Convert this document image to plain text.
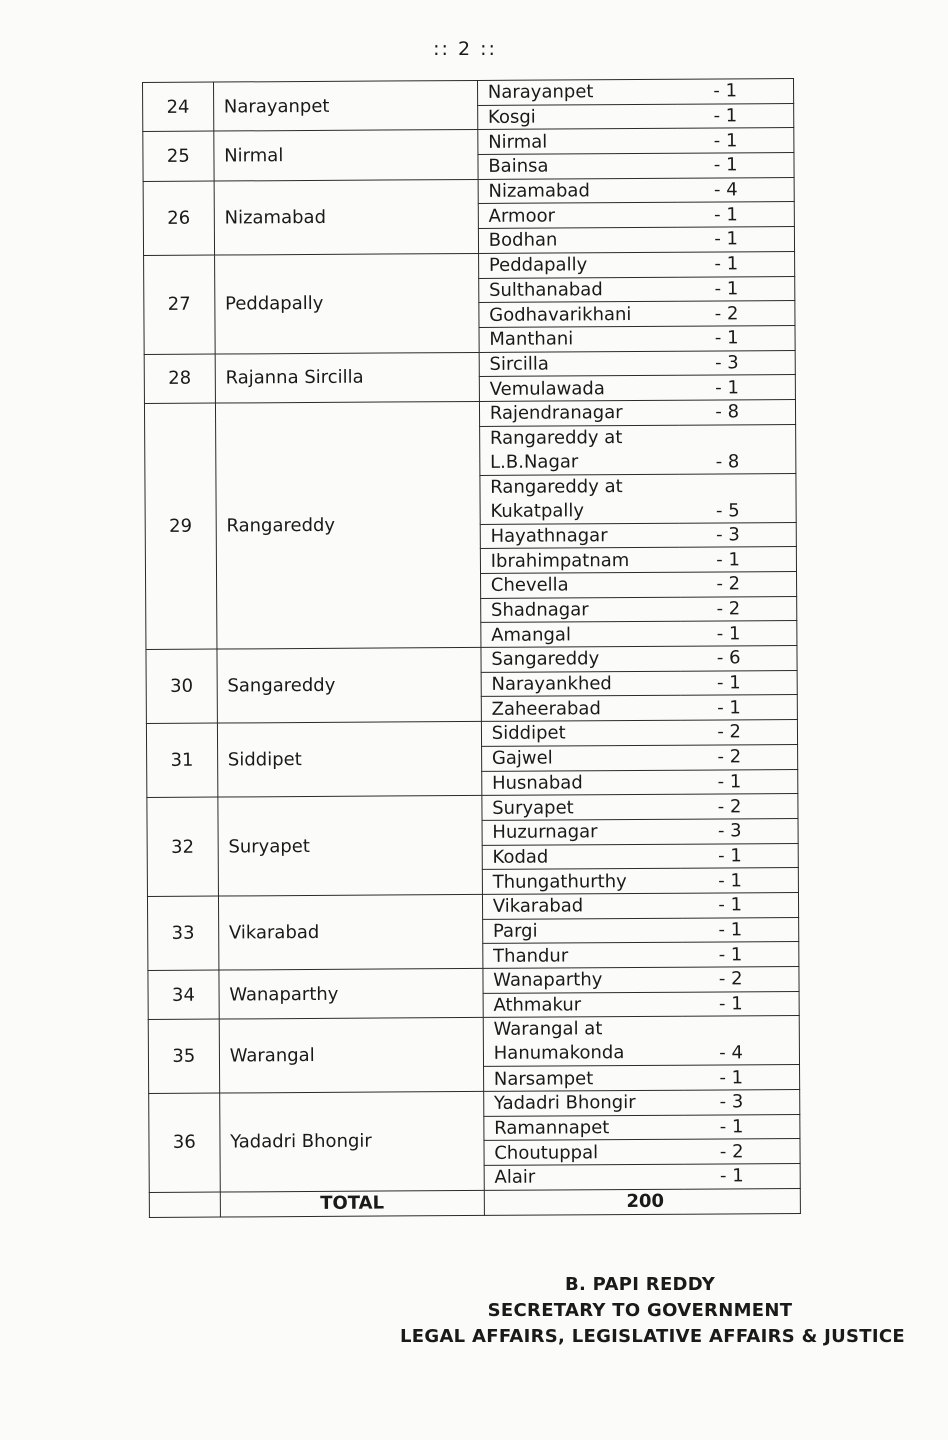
:: 2 ::
24	Narayanpet	Narayanpet	- 1
		Kosgi	- 1
25	Nirmal	Nirmal	- 1
		Bainsa	- 1
26	Nizamabad	Nizamabad	- 4
		Armoor	- 1
		Bodhan	- 1
27	Peddapally	Peddapally	- 1
		Sulthanabad	- 1
		Godhavarikhani	- 2
		Manthani	- 1
28	Rajanna Sircilla	Sircilla	- 3
		Vemulawada	- 1
29	Rangareddy	Rajendranagar	- 8
		Rangareddy at L.B.Nagar	- 8
		Rangareddy at Kukatpally	- 5
		Hayathnagar	- 3
		Ibrahimpatnam	- 1
		Chevella	- 2
		Shadnagar	- 2
		Amangal	- 1
30	Sangareddy	Sangareddy	- 6
		Narayankhed	- 1
		Zaheerabad	- 1
31	Siddipet	Siddipet	- 2
		Gajwel	- 2
		Husnabad	- 1
32	Suryapet	Suryapet	- 2
		Huzurnagar	- 3
		Kodad	- 1
		Thungathurthy	- 1
33	Vikarabad	Vikarabad	- 1
		Pargi	- 1
		Thandur	- 1
34	Wanaparthy	Wanaparthy	- 2
		Athmakur	- 1
35	Warangal	Warangal at Hanumakonda	- 4
		Narsampet	- 1
36	Yadadri Bhongir	Yadadri Bhongir	- 3
		Ramannapet	- 1
		Choutuppal	- 2
		Alair	- 1
	TOTAL	200	
B. PAPI REDDY
SECRETARY TO GOVERNMENT
LEGAL AFFAIRS, LEGISLATIVE AFFAIRS & JUSTICE
